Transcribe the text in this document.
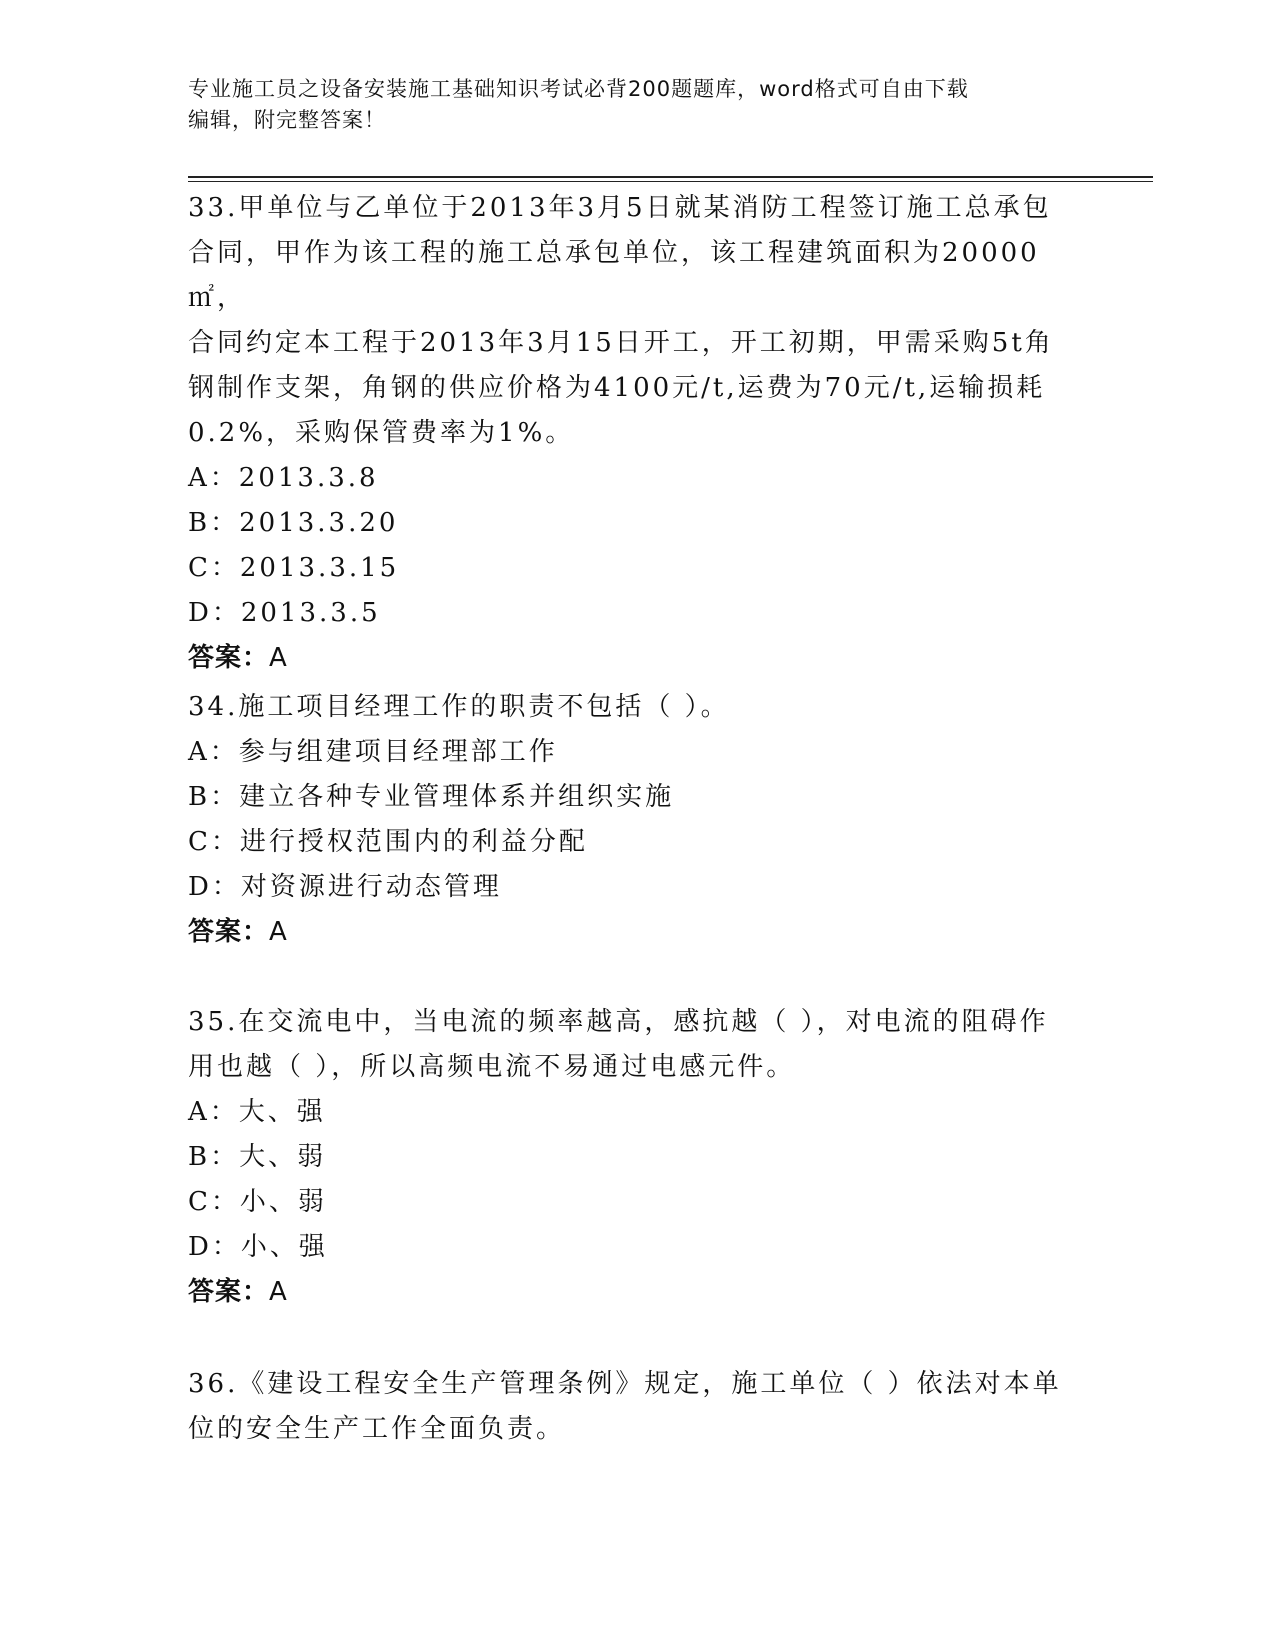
专业施工员之设备安装施工基础知识考试必背200题题库，word格式可自由下载
编辑，附完整答案！
33.甲单位与乙单位于2013年3月5日就某消防工程签订施工总承包
合同，甲作为该工程的施工总承包单位，该工程建筑面积为20000㎡，
合同约定本工程于2013年3月15日开工，开工初期，甲需采购5t角
钢制作支架，角钢的供应价格为4100元/t,运费为70元/t,运输损耗
0.2%，采购保管费率为1%。
A：2013.3.8
B：2013.3.20
C：2013.3.15
D：2013.3.5
答案：A
34.施工项目经理工作的职责不包括（ ）。
A：参与组建项目经理部工作
B：建立各种专业管理体系并组织实施
C：进行授权范围内的利益分配
D：对资源进行动态管理
答案：A
35.在交流电中，当电流的频率越高，感抗越（ ），对电流的阻碍作
用也越（ ），所以高频电流不易通过电感元件。
A：大、强
B：大、弱
C：小、弱
D：小、强
答案：A
36.《建设工程安全生产管理条例》规定，施工单位（ ）依法对本单
位的安全生产工作全面负责。
